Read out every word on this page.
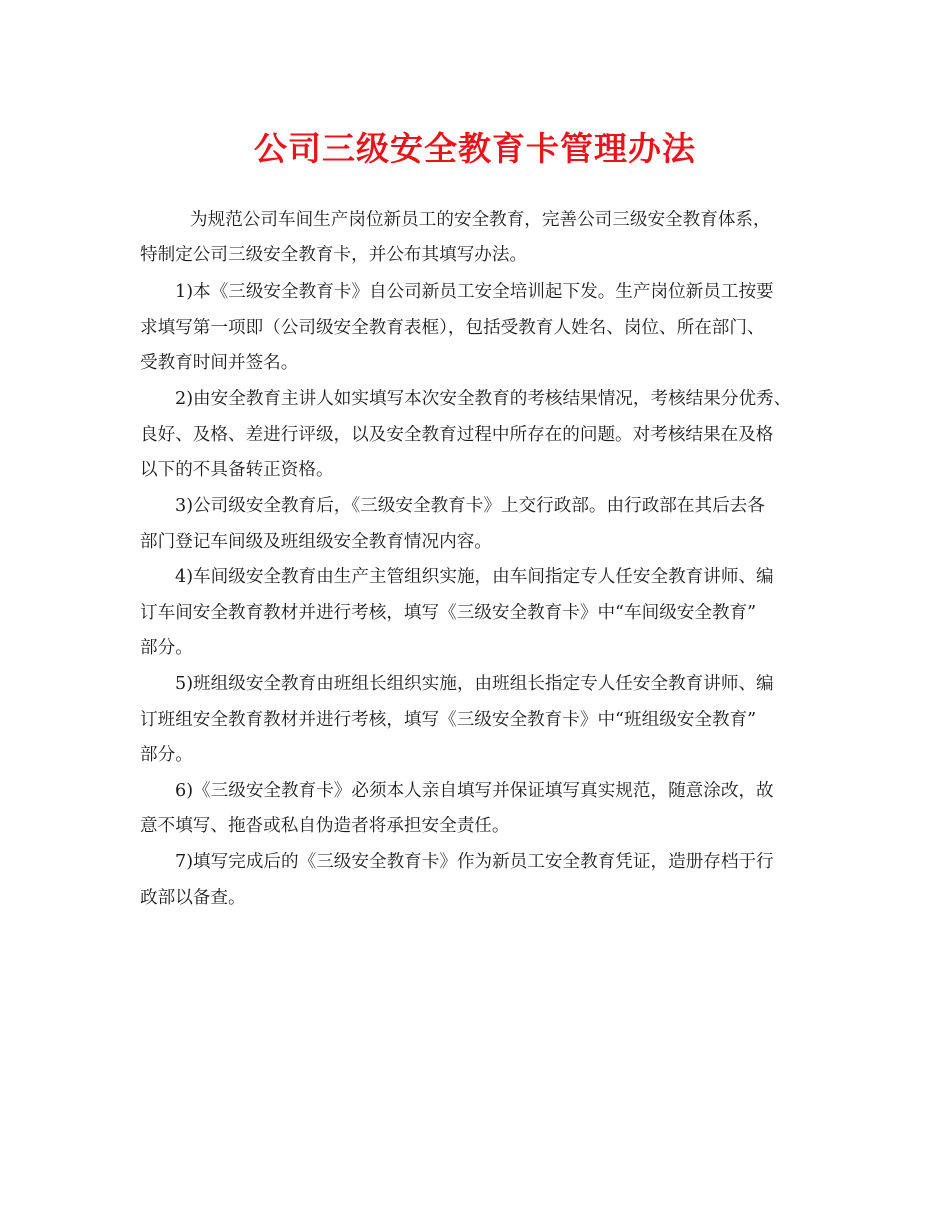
公司三级安全教育卡管理办法

为规范公司车间生产岗位新员工的安全教育，完善公司三级安全教育体系，

特制定公司三级安全教育卡，并公布其填写办法。

1)本《三级安全教育卡》自公司新员工安全培训起下发。生产岗位新员工按要

求填写第一项即（公司级安全教育表框），包括受教育人姓名、岗位、所在部门、

受教育时间并签名。

2)由安全教育主讲人如实填写本次安全教育的考核结果情况，考核结果分优秀、

良好、及格、差进行评级，以及安全教育过程中所存在的问题。对考核结果在及格

以下的不具备转正资格。

3)公司级安全教育后，《三级安全教育卡》上交行政部。由行政部在其后去各

部门登记车间级及班组级安全教育情况内容。

4)车间级安全教育由生产主管组织实施，由车间指定专人任安全教育讲师、编

订车间安全教育教材并进行考核，填写《三级安全教育卡》中“车间级安全教育”

部分。

5)班组级安全教育由班组长组织实施，由班组长指定专人任安全教育讲师、编

订班组安全教育教材并进行考核，填写《三级安全教育卡》中“班组级安全教育”

部分。

6)《三级安全教育卡》必须本人亲自填写并保证填写真实规范，随意涂改，故

意不填写、拖沓或私自伪造者将承担安全责任。

7)填写完成后的《三级安全教育卡》作为新员工安全教育凭证，造册存档于行

政部以备查。
